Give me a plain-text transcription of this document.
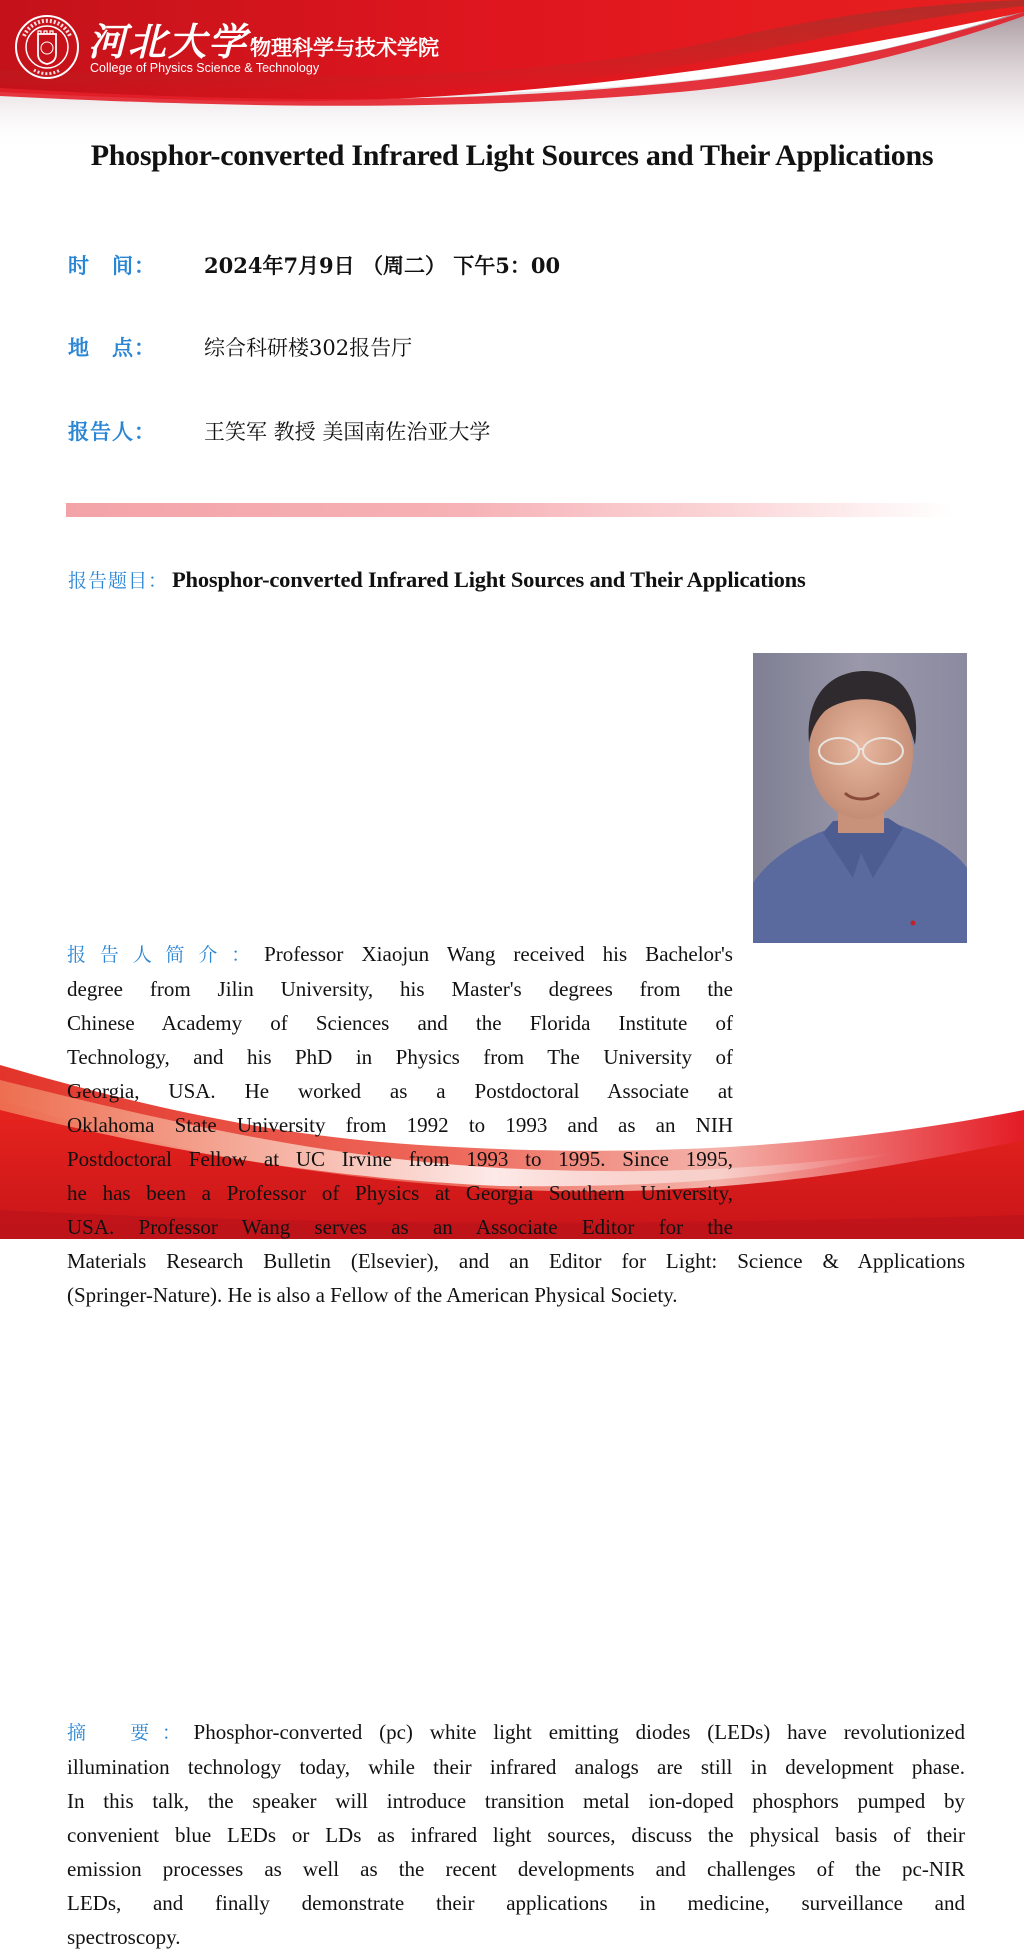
河北大学 物理科学与技术学院
College of Physics Science & Technology
Phosphor-converted Infrared Light Sources and Their Applications
时　间：	2024年7月9日 （周二） 下午5：00
地　点：	综合科研楼302报告厅
报告人：	王笑军 教授 美国南佐治亚大学
报告题目： Phosphor-converted Infrared Light Sources and Their Applications
报告人简介：Professor Xiaojun Wang received his Bachelor's
degree from Jilin University, his Master's degrees from the
Chinese Academy of Sciences and the Florida Institute of
Technology, and his PhD in Physics from The University of
Georgia, USA. He worked as a Postdoctoral Associate at
Oklahoma State University from 1992 to 1993 and as an NIH
Postdoctoral Fellow at UC Irvine from 1993 to 1995. Since 1995,
he has been a Professor of Physics at Georgia Southern University,
USA. Professor Wang serves as an Associate Editor for the
Materials Research Bulletin (Elsevier), and an Editor for Light: Science & Applications
(Springer-Nature). He is also a Fellow of the American Physical Society.
摘　要：Phosphor-converted (pc) white light emitting diodes (LEDs) have revolutionized
illumination technology today, while their infrared analogs are still in development phase.
In this talk, the speaker will introduce transition metal ion-doped phosphors pumped by
convenient blue LEDs or LDs as infrared light sources, discuss the physical basis of their
emission processes as well as the recent developments and challenges of the pc-NIR
LEDs, and finally demonstrate their applications in medicine, surveillance and
spectroscopy.
